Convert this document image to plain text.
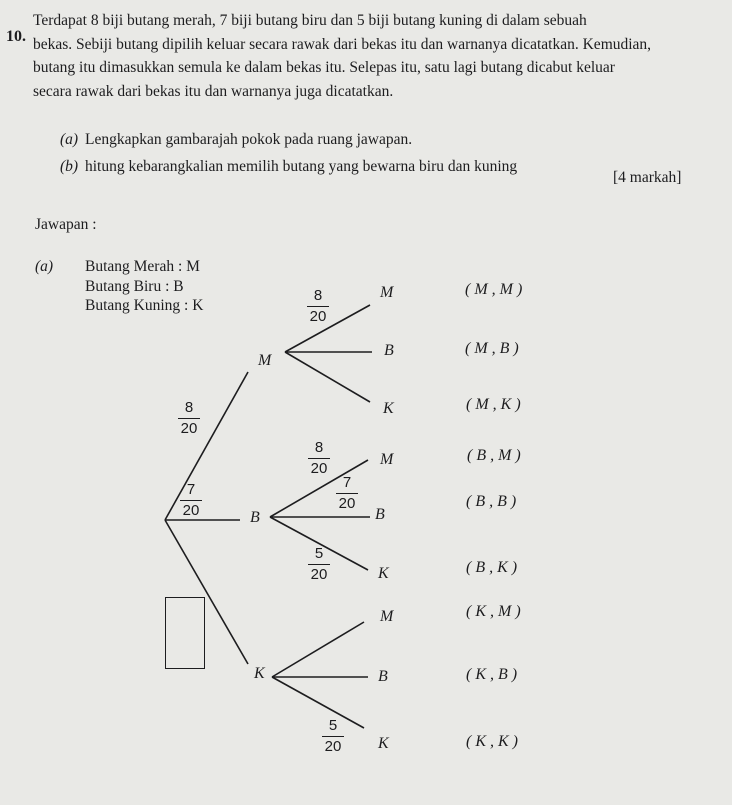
10.
Terdapat 8 biji butang merah, 7 biji butang biru dan 5 biji butang kuning di dalam sebuah
bekas. Sebiji butang dipilih keluar secara rawak dari bekas itu dan warnanya dicatatkan. Kemudian,
butang itu dimasukkan semula ke dalam bekas itu. Selepas itu, satu lagi butang dicabut keluar
secara rawak dari bekas itu dan warnanya juga dicatatkan.
(a) Lengkapkan gambarajah pokok pada ruang jawapan.
(b) hitung kebarangkalian memilih butang yang bewarna biru dan kuning
[4 markah]
Jawapan :
(a) Butang Merah : M
Butang Biru : B
Butang Kuning : K
M
B
K
8
20
7
20
M
B
K
M
B
K
M
B
K
8
20
8
20
7
20
5
20
5
20
( M , M )
( M , B )
( M , K )
( B , M )
( B , B )
( B , K )
( K , M )
( K , B )
( K , K )
